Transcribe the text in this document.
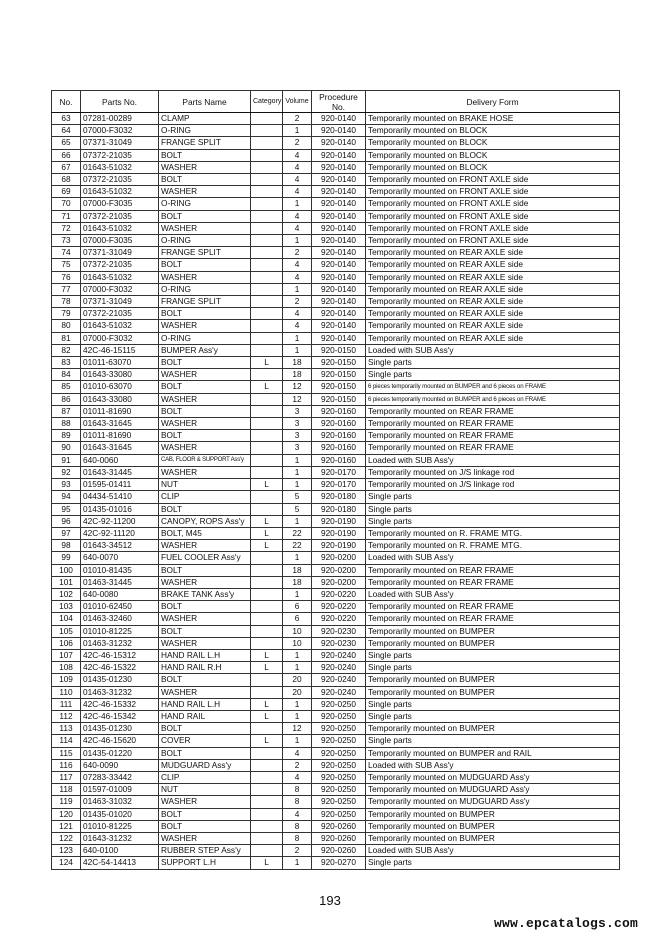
No.	Parts No.	Parts Name	Category	Volume	Procedure No.	Delivery Form
63	07281-00289	CLAMP		2	920-0140	Temporarily mounted on BRAKE HOSE
64	07000-F3032	O-RING		1	920-0140	Temporarily mounted on BLOCK
65	07371-31049	FRANGE SPLIT		2	920-0140	Temporarily mounted on BLOCK
66	07372-21035	BOLT		4	920-0140	Temporarily mounted on BLOCK
67	01643-51032	WASHER		4	920-0140	Temporarily mounted on BLOCK
68	07372-21035	BOLT		4	920-0140	Temporarily mounted on FRONT AXLE side
69	01643-51032	WASHER		4	920-0140	Temporarily mounted on FRONT AXLE side
70	07000-F3035	O-RING		1	920-0140	Temporarily mounted on FRONT AXLE side
71	07372-21035	BOLT		4	920-0140	Temporarily mounted on FRONT AXLE side
72	01643-51032	WASHER		4	920-0140	Temporarily mounted on FRONT AXLE side
73	07000-F3035	O-RING		1	920-0140	Temporarily mounted on FRONT AXLE side
74	07371-31049	FRANGE SPLIT		2	920-0140	Temporarily mounted on REAR AXLE side
75	07372-21035	BOLT		4	920-0140	Temporarily mounted on REAR AXLE side
76	01643-51032	WASHER		4	920-0140	Temporarily mounted on REAR AXLE side
77	07000-F3032	O-RING		1	920-0140	Temporarily mounted on REAR AXLE side
78	07371-31049	FRANGE SPLIT		2	920-0140	Temporarily mounted on REAR AXLE side
79	07372-21035	BOLT		4	920-0140	Temporarily mounted on REAR AXLE side
80	01643-51032	WASHER		4	920-0140	Temporarily mounted on REAR AXLE side
81	07000-F3032	O-RING		1	920-0140	Temporarily mounted on REAR AXLE side
82	42C-46-15115	BUMPER Ass'y		1	920-0150	Loaded with SUB Ass'y
83	01011-63070	BOLT	L	18	920-0150	Single parts
84	01643-33080	WASHER		18	920-0150	Single parts
85	01010-63070	BOLT	L	12	920-0150	6 pieces temporarily mounted on BUMPER and 6 pieces on FRAME
86	01643-33080	WASHER		12	920-0150	6 pieces temporarily mounted on BUMPER and 6 pieces on FRAME
87	01011-81690	BOLT		3	920-0160	Temporarily mounted on REAR FRAME
88	01643-31645	WASHER		3	920-0160	Temporarily mounted on REAR FRAME
89	01011-81690	BOLT		3	920-0160	Temporarily mounted on REAR FRAME
90	01643-31645	WASHER		3	920-0160	Temporarily mounted on REAR FRAME
91	640-0060	CAB, FLOOR & SUPPORT Ass'y		1	920-0160	Loaded with SUB Ass'y
92	01643-31445	WASHER		1	920-0170	Temporarily mounted on J/S linkage rod
93	01595-01411	NUT	L	1	920-0170	Temporarily mounted on J/S linkage rod
94	04434-51410	CLIP		5	920-0180	Single parts
95	01435-01016	BOLT		5	920-0180	Single parts
96	42C-92-11200	CANOPY, ROPS Ass'y	L	1	920-0190	Single parts
97	42C-92-11120	BOLT, M45	L	22	920-0190	Temporarily mounted on R. FRAME MTG.
98	01643-34512	WASHER	L	22	920-0190	Temporarily mounted on R. FRAME MTG.
99	640-0070	FUEL COOLER Ass'y		1	920-0200	Loaded with SUB Ass'y
100	01010-81435	BOLT		18	920-0200	Temporarily mounted on REAR FRAME
101	01463-31445	WASHER		18	920-0200	Temporarily mounted on REAR FRAME
102	640-0080	BRAKE TANK Ass'y		1	920-0220	Loaded with SUB Ass'y
103	01010-62450	BOLT		6	920-0220	Temporarily mounted on REAR FRAME
104	01463-32460	WASHER		6	920-0220	Temporarily mounted on REAR FRAME
105	01010-81225	BOLT		10	920-0230	Temporarily mounted on BUMPER
106	01463-31232	WASHER		10	920-0230	Temporarily mounted on BUMPER
107	42C-46-15312	HAND RAIL L.H	L	1	920-0240	Single parts
108	42C-46-15322	HAND RAIL R.H	L	1	920-0240	Single parts
109	01435-01230	BOLT		20	920-0240	Temporarily mounted on BUMPER
110	01463-31232	WASHER		20	920-0240	Temporarily mounted on BUMPER
111	42C-46-15332	HAND RAIL L.H	L	1	920-0250	Single parts
112	42C-46-15342	HAND RAIL	L	1	920-0250	Single parts
113	01435-01230	BOLT		12	920-0250	Temporarily mounted on BUMPER
114	42C-46-15620	COVER	L	1	920-0250	Single parts
115	01435-01220	BOLT		4	920-0250	Temporarily mounted on BUMPER and RAIL
116	640-0090	MUDGUARD Ass'y		2	920-0250	Loaded with SUB Ass'y
117	07283-33442	CLIP		4	920-0250	Temporarily mounted on MUDGUARD Ass'y
118	01597-01009	NUT		8	920-0250	Temporarily mounted on MUDGUARD Ass'y
119	01463-31032	WASHER		8	920-0250	Temporarily mounted on MUDGUARD Ass'y
120	01435-01020	BOLT		4	920-0250	Temporarily mounted on BUMPER
121	01010-81225	BOLT		8	920-0260	Temporarily mounted on BUMPER
122	01643-31232	WASHER		8	920-0260	Temporarily mounted on BUMPER
123	640-0100	RUBBER STEP Ass'y		2	920-0260	Loaded with SUB Ass'y
124	42C-54-14413	SUPPORT L.H	L	1	920-0270	Single parts
193
www.epcatalogs.com
